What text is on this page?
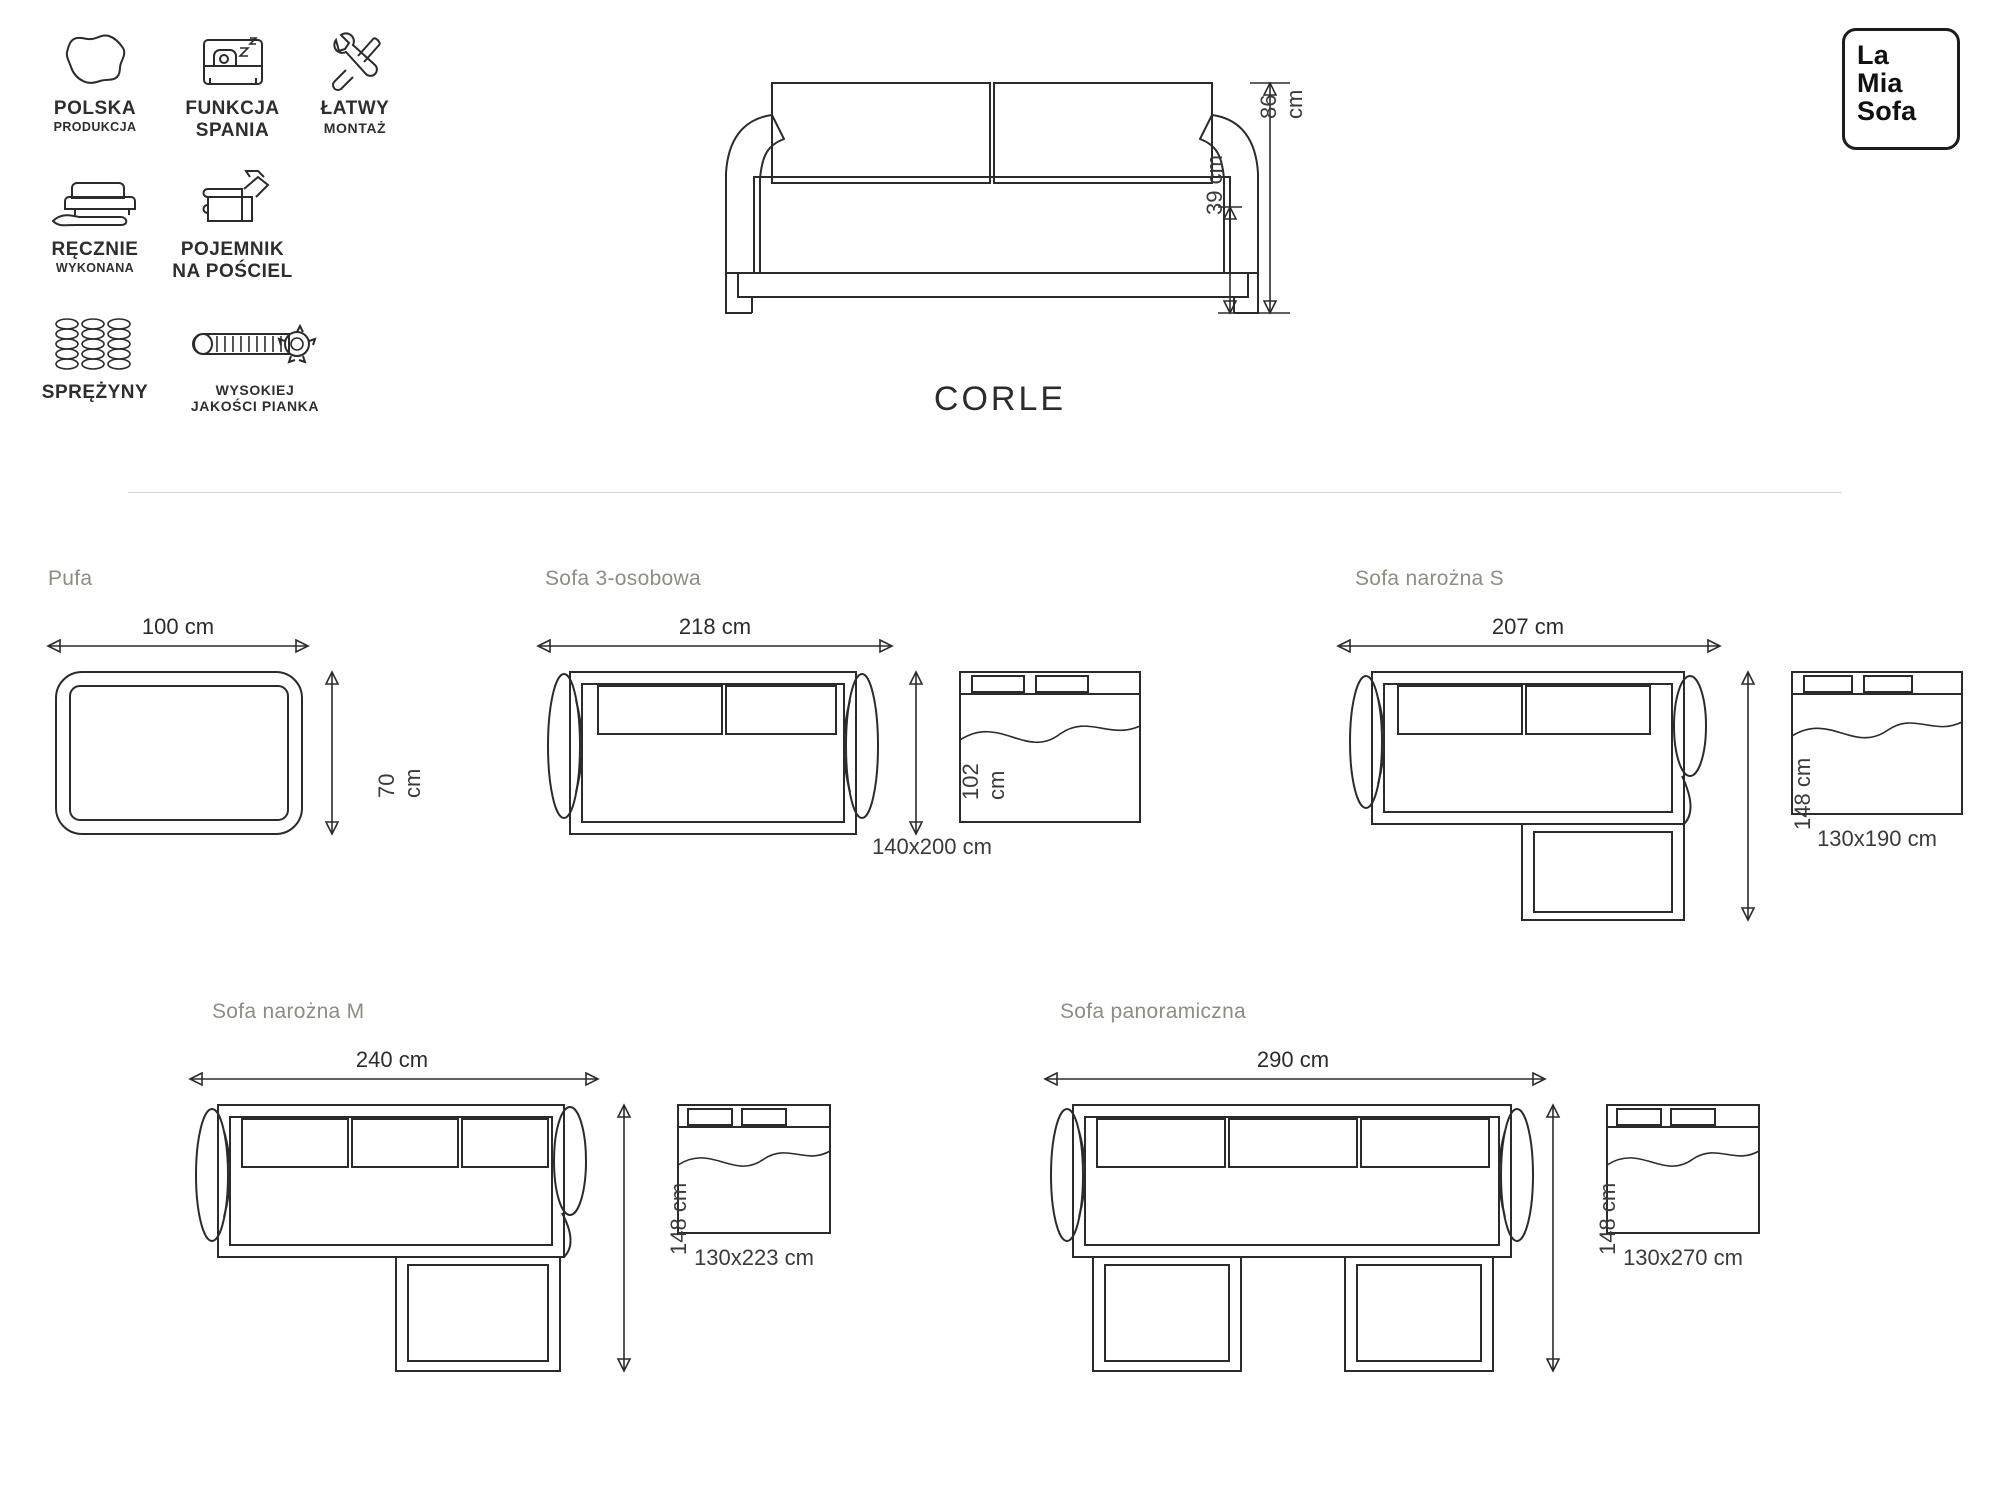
POLSKA
PRODUKCJA
FUNKCJA
SPANIA
ŁATWY
MONTAŻ
RĘCZNIE
WYKONANA
POJEMNIK
NA POŚCIEL
SPRĘŻYNY	WYSOKIEJ
JAKOŚCI PIANKA
La
Mia
Sofa
86 cm
39 cm
CORLE
Pufa
100 cm
70 cm
Sofa 3-osobowa
218 cm
102 cm
140x200 cm
Sofa narożna S
207 cm
148 cm
130x190 cm
Sofa narożna M
240 cm
148 cm
130x223 cm
Sofa panoramiczna
290 cm
148 cm
130x270 cm
